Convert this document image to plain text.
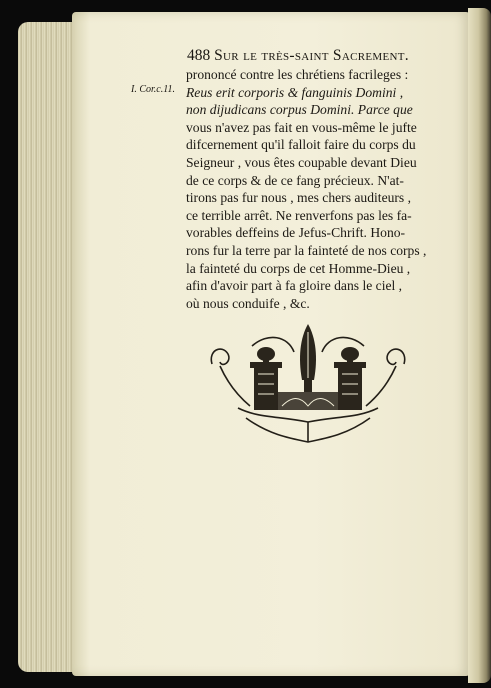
488 Sur le très-saint Sacrement.
I. Cor.c.11.
prononcé contre les chrétiens facrileges :
Reus erit corporis & fanguinis Domini ,
non dijudicans corpus Domini. Parce que
vous n'avez pas fait en vous-même le jufte
difcernement qu'il falloit faire du corps du
Seigneur , vous êtes coupable devant Dieu
de ce corps & de ce fang précieux. N'at-
tirons pas fur nous , mes chers auditeurs ,
ce terrible arrêt. Ne renverfons pas les fa-
vorables deffeins de Jefus-Chrift. Hono-
rons fur la terre par la fainteté de nos corps ,
la fainteté du corps de cet Homme-Dieu ,
afin d'avoir part à fa gloire dans le ciel ,
où nous conduife , &c.
